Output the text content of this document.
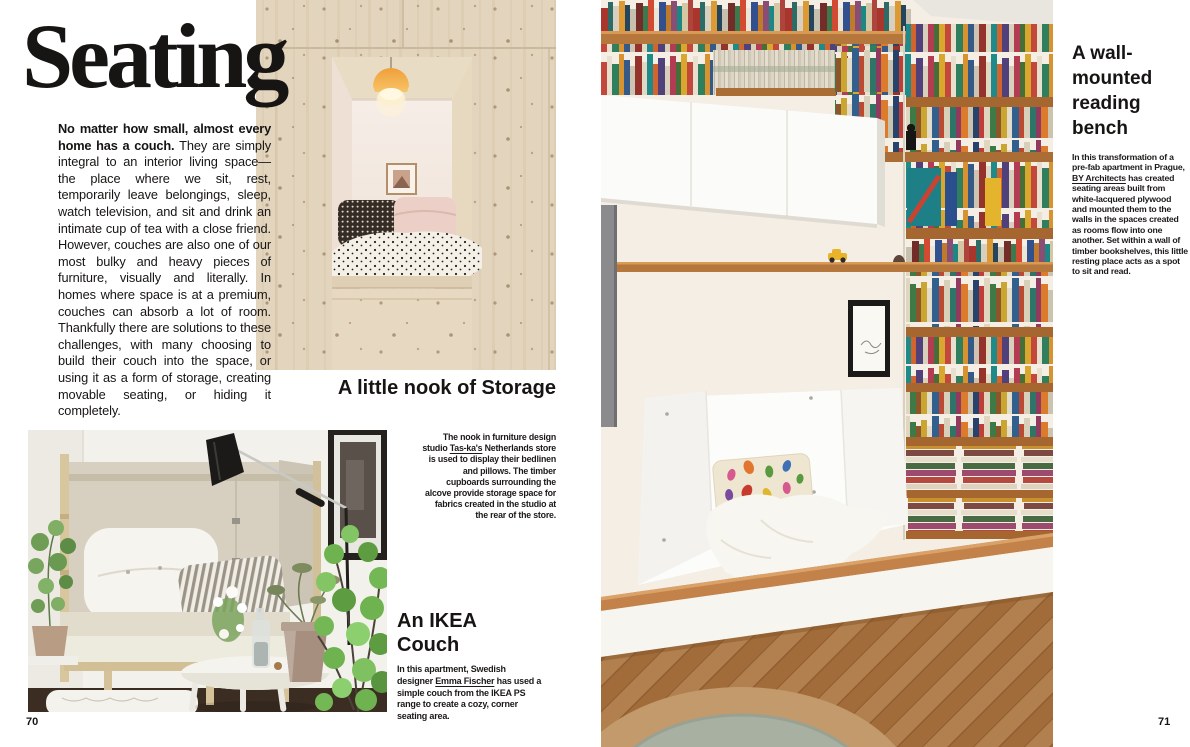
Seating
No matter how small, almost every home has a couch. They are simply integral to an interior living space—the place where we sit, rest, temporarily leave belongings, sleep, watch television, and sit and drink an intimate cup of tea with a close friend. However, couches are also one of our most bulky and heavy pieces of furniture, visually and literally. In homes where space is at a premium, couches can absorb a lot of room. Thankfully there are solutions to these challenges, with many choosing to build their couch into the space, or using it as a form of storage, creating movable seating, or hiding it completely.
A little nook of Storage
The nook in furniture design studio Tas-ka's Netherlands store is used to display their bedlinen and pillows. The timber cupboards surrounding the alcove provide storage space for fabrics created in the studio at the rear of the store.
An IKEA Couch
In this apartment, Swedish designer Emma Fischer has used a simple couch from the IKEA PS range to create a cozy, corner seating area.
A wall-mounted reading bench
In this transformation of a pre-fab apartment in Prague, BY Architects has created seating areas built from white-lacquered plywood and mounted them to the walls in the spaces created as rooms flow into one another. Set within a wall of timber bookshelves, this little resting place acts as a spot to sit and read.
70	71
